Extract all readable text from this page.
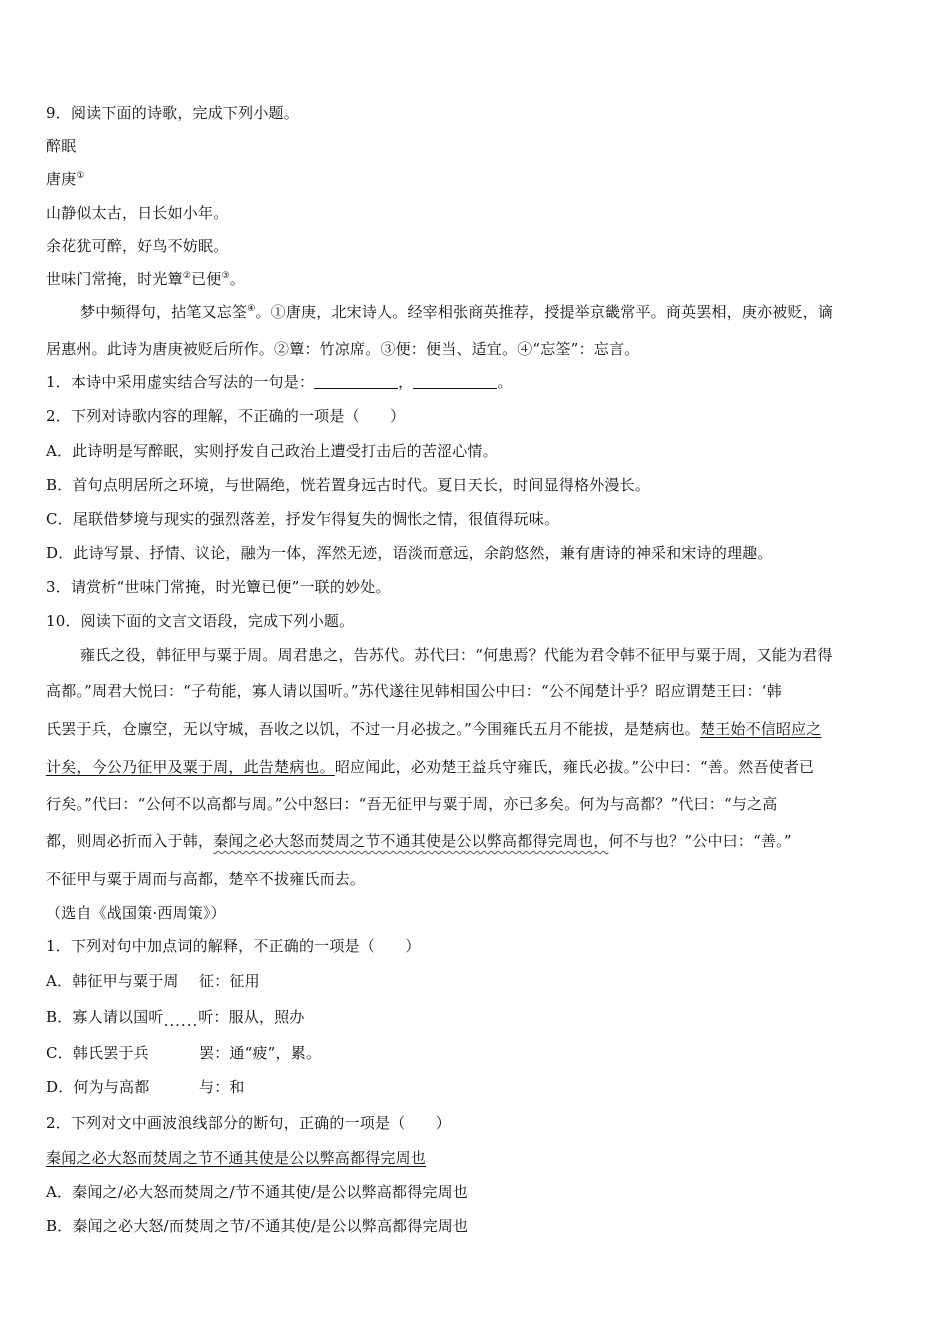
9．阅读下面的诗歌，完成下列小题。
醉眠
唐庚①
山静似太古，日长如小年。
余花犹可醉，好鸟不妨眠。
世味门常掩，时光簟②已便③。
梦中频得句，拈笔又忘筌④。①唐庚，北宋诗人。经宰相张商英推荐，授提举京畿常平。商英罢相，庚亦被贬，谪
居惠州。此诗为唐庚被贬后所作。②簟：竹凉席。③便：便当、适宜。④“忘筌”：忘言。
1．本诗中采用虚实结合写法的一句是：	，	。
2．下列对诗歌内容的理解，不正确的一项是（　　）
A．此诗明是写醉眠，实则抒发自己政治上遭受打击后的苦涩心情。
B．首句点明居所之环境，与世隔绝，恍若置身远古时代。夏日天长，时间显得格外漫长。
C．尾联借梦境与现实的强烈落差，抒发乍得复失的惆怅之情，很值得玩味。
D．此诗写景、抒情、议论，融为一体，浑然无迹，语淡而意远，余韵悠然，兼有唐诗的神采和宋诗的理趣。
3．请赏析“世味门常掩，时光簟已便”一联的妙处。
10．阅读下面的文言文语段，完成下列小题。
雍氏之役，韩征甲与粟于周。周君患之，告苏代。苏代曰：“何患焉？代能为君令韩不征甲与粟于周，又能为君得
高都。”周君大悦曰：“子苟能，寡人请以国听。”苏代遂往见韩相国公中曰：“公不闻楚计乎？昭应谓楚王曰：‘韩
氏罢于兵，仓廪空，无以守城，吾收之以饥，不过一月必拔之。”今围雍氏五月不能拔，是楚病也。楚王始不信昭应之
计矣，今公乃征甲及粟于周，此告楚病也。昭应闻此，必劝楚王益兵守雍氏，雍氏必拔。”公中曰：“善。然吾使者已
行矣。”代曰：“公何不以高都与周。”公中怒曰：“吾无征甲与粟于周，亦已多矣。何为与高都？”代曰：“与之高
都，则周必折而入于韩，秦闻之必大怒而焚周之节不通其使是公以弊高都得完周也，何不与也？”公中曰：“善。”
不征甲与粟于周而与高都，楚卒不拔雍氏而去。
（选自《战国策·西周策》）
1．下列对句中加点词的解释，不正确的一项是（　　）
A．韩征甲与粟于周 征：征用
B．寡人请以国听......听：服从，照办
C．韩氏罢于兵	罢：通“疲”，累。
D．何为与高都	与：和
2．下列对文中画波浪线部分的断句，正确的一项是（　　）
秦闻之必大怒而焚周之节不通其使是公以弊高都得完周也
A．秦闻之/必大怒而焚周之/节不通其使/是公以弊高都得完周也
B．秦闻之必大怒/而焚周之节/不通其使/是公以弊高都得完周也
